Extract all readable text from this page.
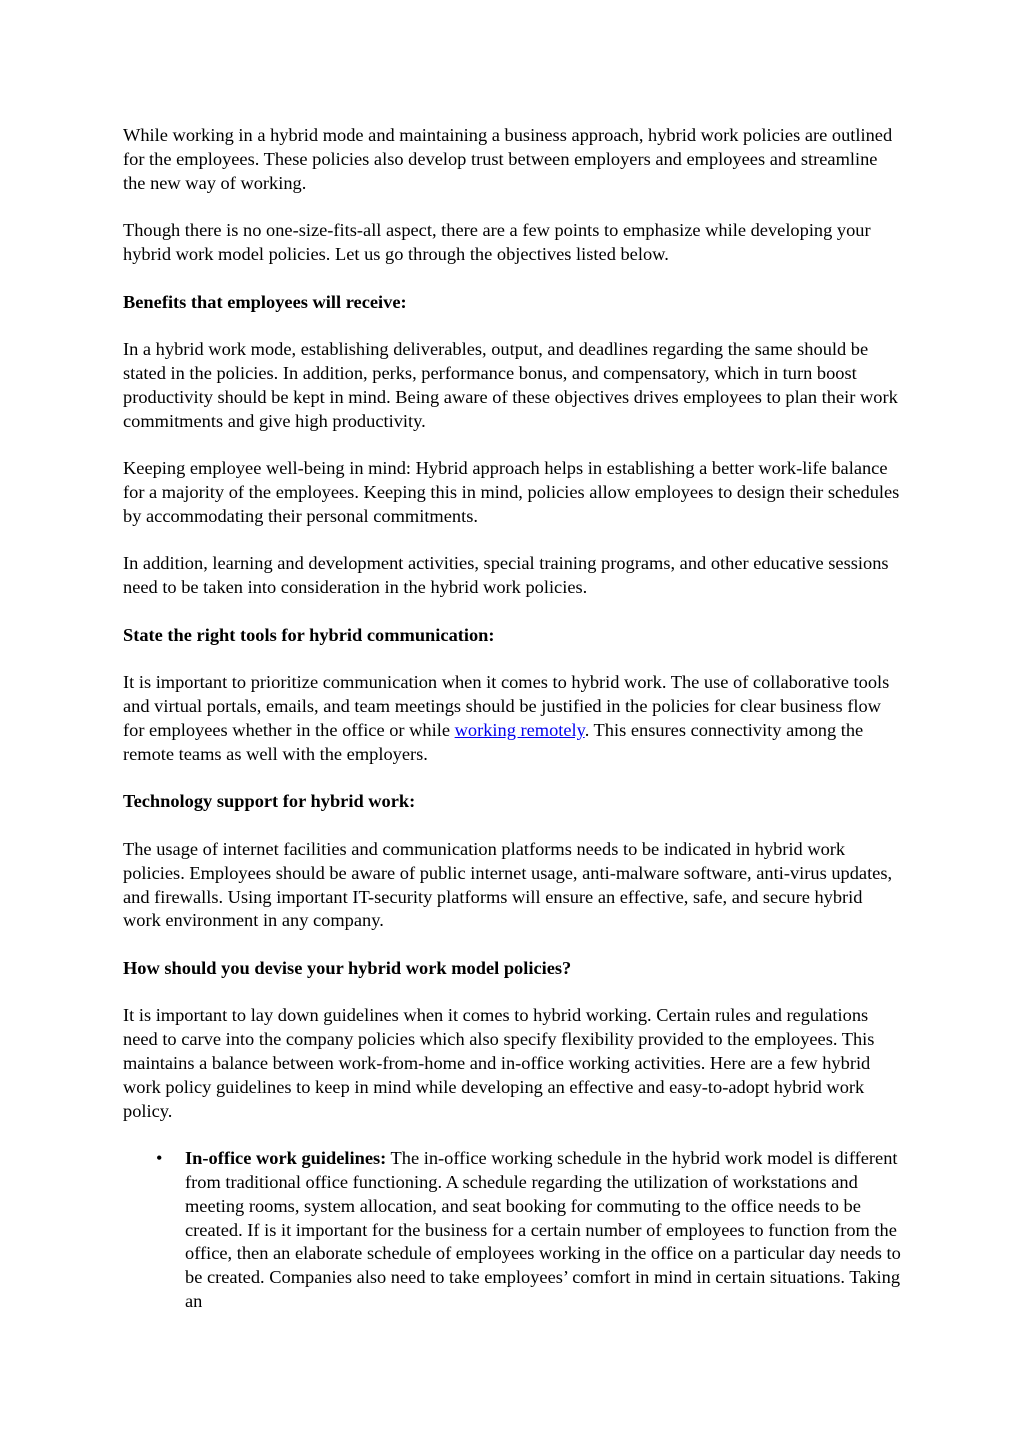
While working in a hybrid mode and maintaining a business approach, hybrid work policies are outlined for the employees. These policies also develop trust between employers and employees and streamline the new way of working.

Though there is no one-size-fits-all aspect, there are a few points to emphasize while developing your hybrid work model policies. Let us go through the objectives listed below.

Benefits that employees will receive:

In a hybrid work mode, establishing deliverables, output, and deadlines regarding the same should be stated in the policies. In addition, perks, performance bonus, and compensatory, which in turn boost productivity should be kept in mind. Being aware of these objectives drives employees to plan their work commitments and give high productivity.

Keeping employee well-being in mind: Hybrid approach helps in establishing a better work-life balance for a majority of the employees. Keeping this in mind, policies allow employees to design their schedules by accommodating their personal commitments.

In addition, learning and development activities, special training programs, and other educative sessions need to be taken into consideration in the hybrid work policies.

State the right tools for hybrid communication:

It is important to prioritize communication when it comes to hybrid work. The use of collaborative tools and virtual portals, emails, and team meetings should be justified in the policies for clear business flow for employees whether in the office or while working remotely. This ensures connectivity among the remote teams as well with the employers.

Technology support for hybrid work:

The usage of internet facilities and communication platforms needs to be indicated in hybrid work policies. Employees should be aware of public internet usage, anti-malware software, anti-virus updates, and firewalls. Using important IT-security platforms will ensure an effective, safe, and secure hybrid work environment in any company.

How should you devise your hybrid work model policies?

It is important to lay down guidelines when it comes to hybrid working. Certain rules and regulations need to carve into the company policies which also specify flexibility provided to the employees. This maintains a balance between work-from-home and in-office working activities. Here are a few hybrid work policy guidelines to keep in mind while developing an effective and easy-to-adopt hybrid work policy.

• In-office work guidelines: The in-office working schedule in the hybrid work model is different from traditional office functioning. A schedule regarding the utilization of workstations and meeting rooms, system allocation, and seat booking for commuting to the office needs to be created. If is it important for the business for a certain number of employees to function from the office, then an elaborate schedule of employees working in the office on a particular day needs to be created. Companies also need to take employees’ comfort in mind in certain situations. Taking an
